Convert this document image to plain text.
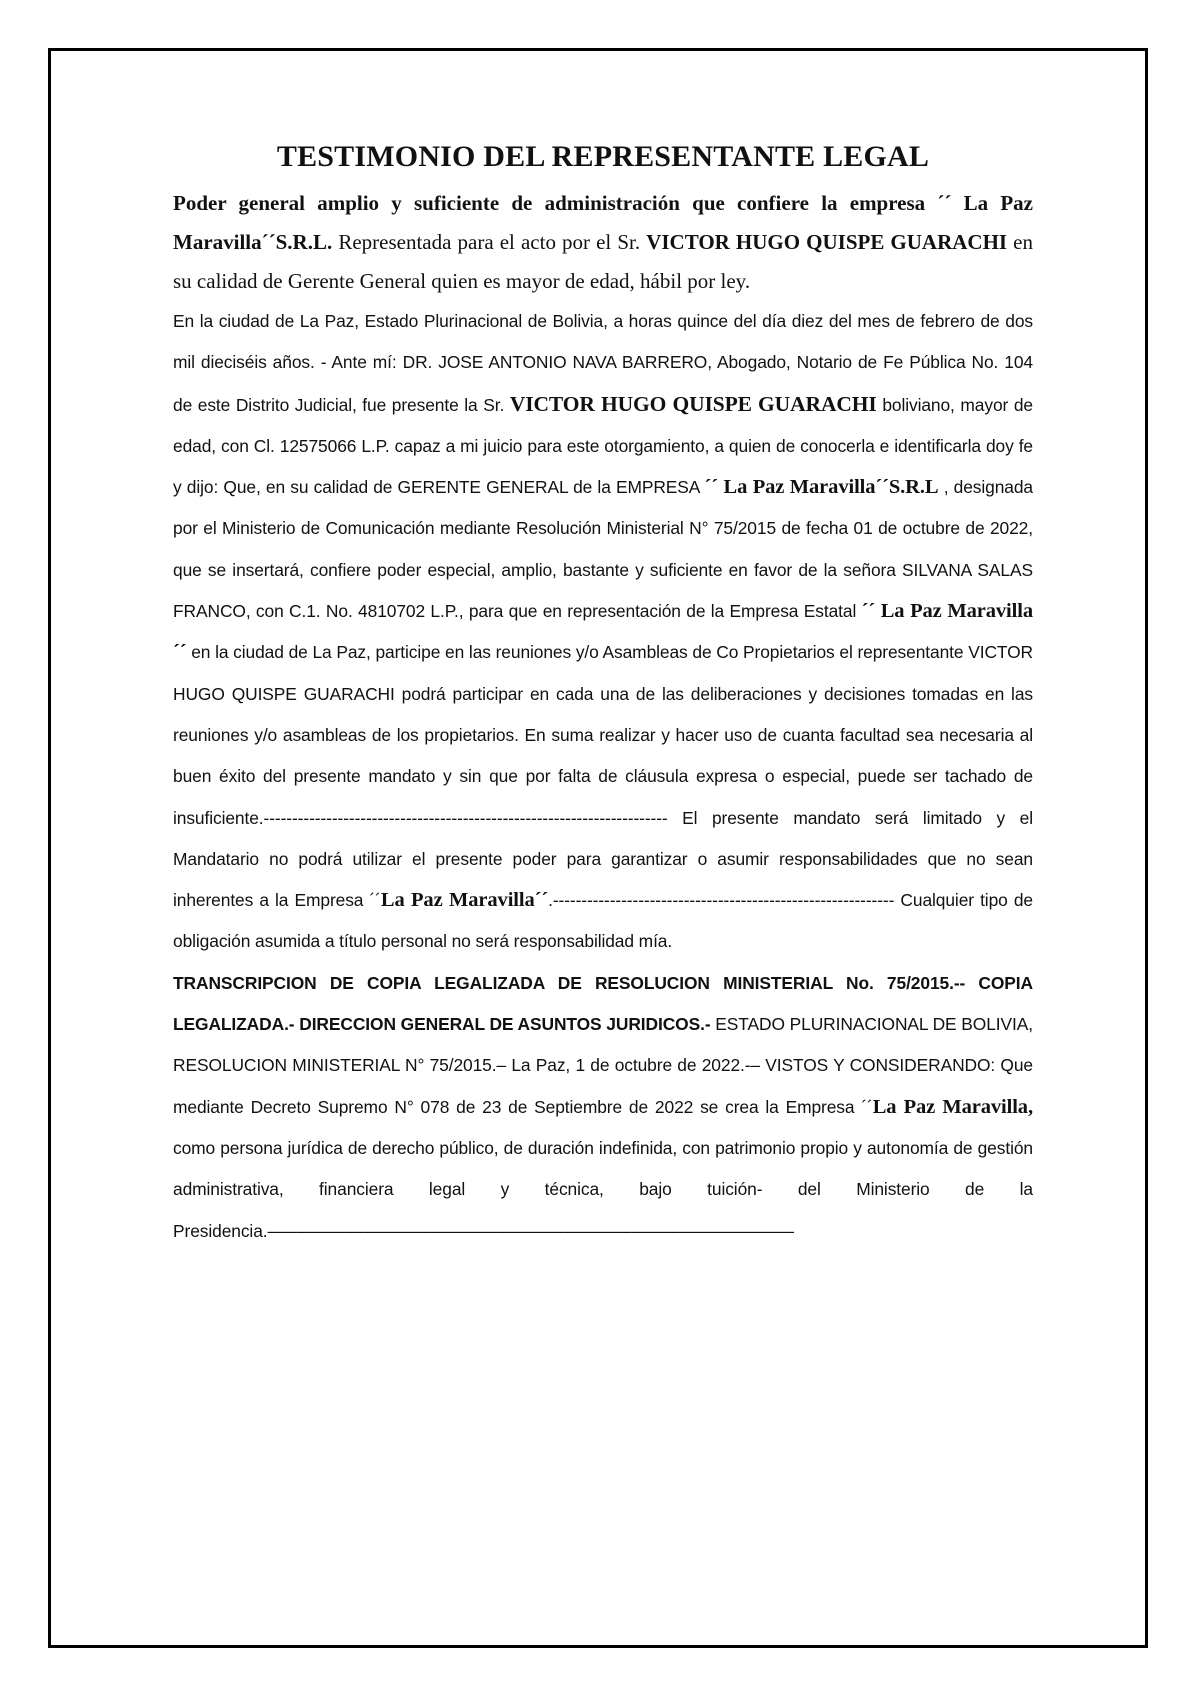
TESTIMONIO DEL REPRESENTANTE LEGAL

Poder general amplio y suficiente de administración que confiere la empresa ´´ La Paz Maravilla´´S.R.L. Representada para el acto por el Sr. VICTOR HUGO QUISPE GUARACHI en su calidad de Gerente General quien es mayor de edad, hábil por ley.

En la ciudad de La Paz, Estado Plurinacional de Bolivia, a horas quince del día diez del mes de febrero de dos mil dieciséis años. - Ante mí: DR. JOSE ANTONIO NAVA BARRERO, Abogado, Notario de Fe Pública No. 104 de este Distrito Judicial, fue presente la Sr. VICTOR HUGO QUISPE GUARACHI boliviano, mayor de edad, con Cl. 12575066 L.P. capaz a mi juicio para este otorgamiento, a quien de conocerla e identificarla doy fe y dijo: Que, en su calidad de GERENTE GENERAL de la EMPRESA ´´ La Paz Maravilla´´S.R.L , designada por el Ministerio de Comunicación mediante Resolución Ministerial N° 75/2015 de fecha 01 de octubre de 2022, que se insertará, confiere poder especial, amplio, bastante y suficiente en favor de la señora SILVANA SALAS FRANCO, con C.1. No. 4810702 L.P., para que en representación de la Empresa Estatal ´´ La Paz Maravilla´´ en la ciudad de La Paz, participe en las reuniones y/o Asambleas de Co Propietarios el representante VICTOR HUGO QUISPE GUARACHI podrá participar en cada una de las deliberaciones y decisiones tomadas en las reuniones y/o asambleas de los propietarios. En suma realizar y hacer uso de cuanta facultad sea necesaria al buen éxito del presente mandato y sin que por falta de cláusula expresa o especial, puede ser tachado de insuficiente.----------------------------------------------------------------------- El presente mandato será limitado y el Mandatario no podrá utilizar el presente poder para garantizar o asumir responsabilidades que no sean inherentes a la Empresa ´´La Paz Maravilla´´.------------------------------------------------------------ Cualquier tipo de obligación asumida a título personal no será responsabilidad mía.

TRANSCRIPCION DE COPIA LEGALIZADA DE RESOLUCION MINISTERIAL No. 75/2015.-- COPIA LEGALIZADA.- DIRECCION GENERAL DE ASUNTOS JURIDICOS.- ESTADO PLURINACIONAL DE BOLIVIA, RESOLUCION MINISTERIAL N° 75/2015.– La Paz, 1 de octubre de 2022.-– VISTOS Y CONSIDERANDO: Que mediante Decreto Supremo N° 078 de 23 de Septiembre de 2022 se crea la Empresa ´´La Paz Maravilla, como persona jurídica de derecho público, de duración indefinida, con patrimonio propio y autonomía de gestión administrativa, financiera legal y técnica, bajo tuición- del Ministerio de la Presidencia.–––––––––––––––––––––––––––––––––––––––––––––––––––––––
